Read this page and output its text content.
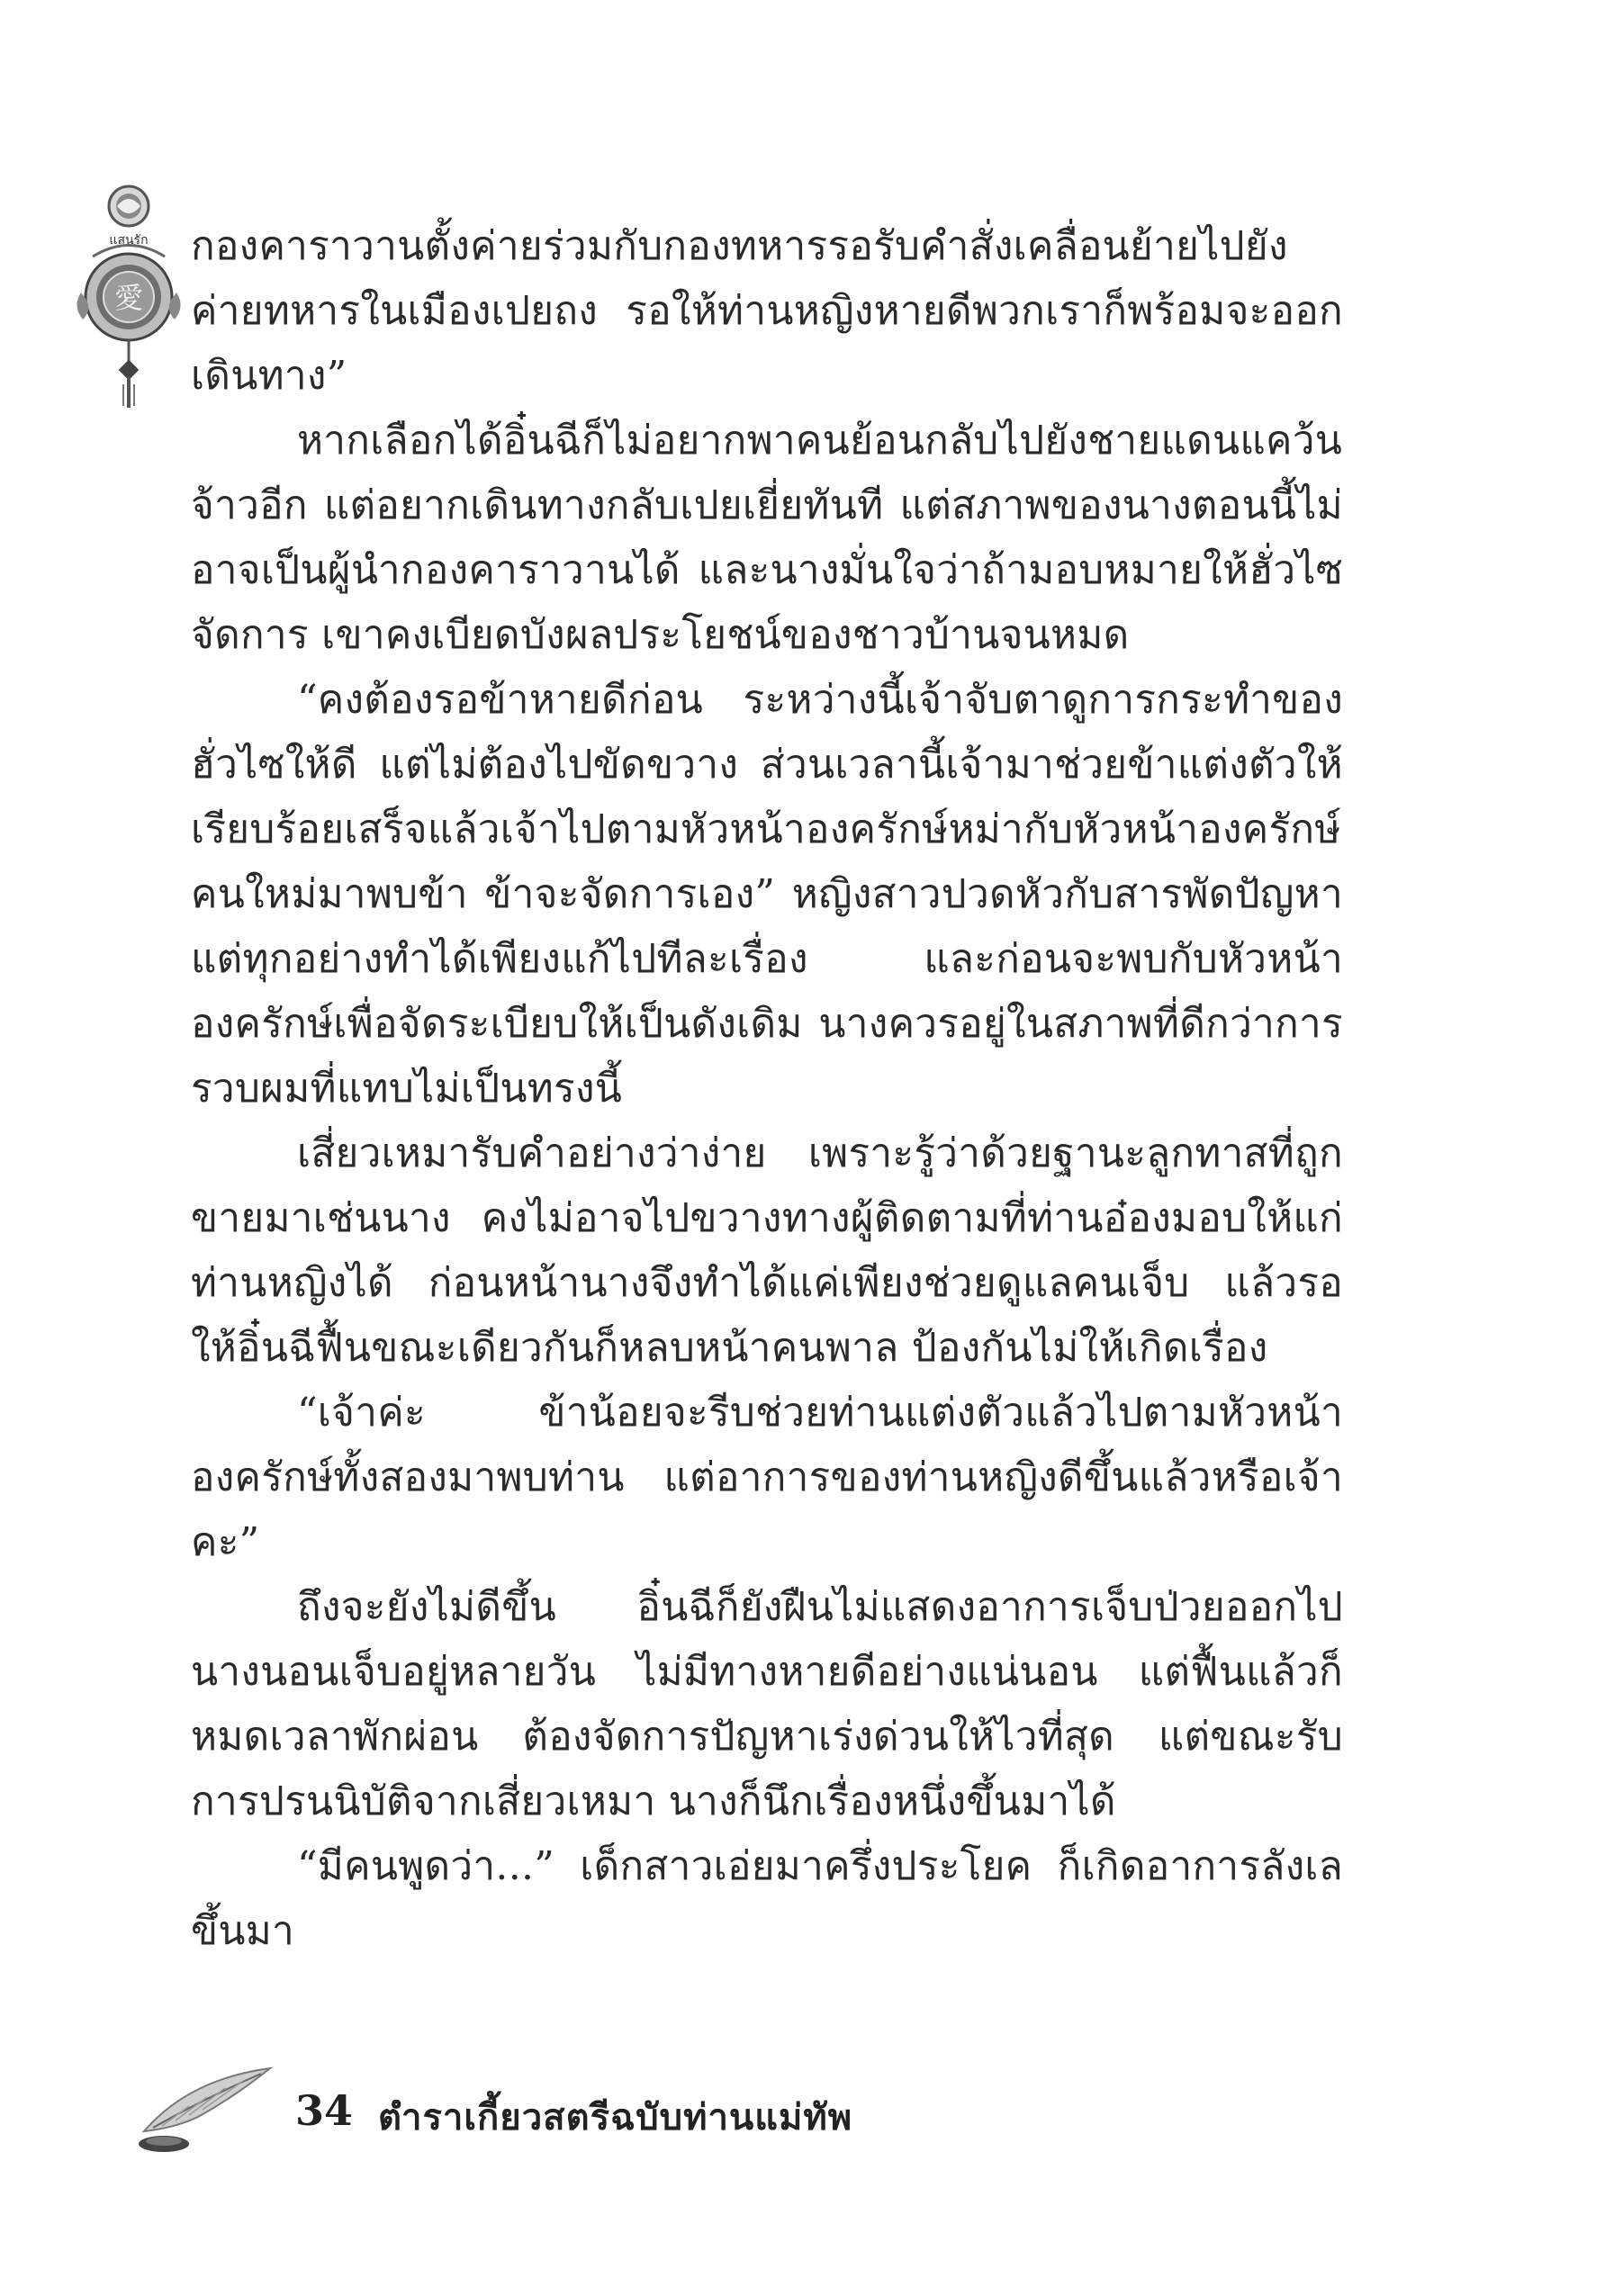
แสนรัก
愛

กองคาราวานตั้งค่ายร่วมกับกองทหารรอรับคำสั่งเคลื่อนย้ายไปยังค่ายทหารในเมืองเปยถง รอให้ท่านหญิงหายดีพวกเราก็พร้อมจะออกเดินทาง”

หากเลือกได้อิ๋นฉีก็ไม่อยากพาคนย้อนกลับไปยังชายแดนแคว้นจ้าวอีก แต่อยากเดินทางกลับเปยเยี่ยทันที แต่สภาพของนางตอนนี้ไม่อาจเป็นผู้นำกองคาราวานได้ และนางมั่นใจว่าถ้ามอบหมายให้ฮั่วไซจัดการ เขาคงเบียดบังผลประโยชน์ของชาวบ้านจนหมด

“คงต้องรอข้าหายดีก่อน ระหว่างนี้เจ้าจับตาดูการกระทำของฮั่วไซให้ดี แต่ไม่ต้องไปขัดขวาง ส่วนเวลานี้เจ้ามาช่วยข้าแต่งตัวให้เรียบร้อยเสร็จแล้วเจ้าไปตามหัวหน้าองครักษ์หม่ากับหัวหน้าองครักษ์คนใหม่มาพบข้า ข้าจะจัดการเอง” หญิงสาวปวดหัวกับสารพัดปัญหา แต่ทุกอย่างทำได้เพียงแก้ไปทีละเรื่อง และก่อนจะพบกับหัวหน้าองครักษ์เพื่อจัดระเบียบให้เป็นดังเดิม นางควรอยู่ในสภาพที่ดีกว่าการรวบผมที่แทบไม่เป็นทรงนี้

เสี่ยวเหมารับคำอย่างว่าง่าย เพราะรู้ว่าด้วยฐานะลูกทาสที่ถูกขายมาเช่นนาง คงไม่อาจไปขวางทางผู้ติดตามที่ท่านอ๋องมอบให้แก่ท่านหญิงได้ ก่อนหน้านางจึงทำได้แค่เพียงช่วยดูแลคนเจ็บ แล้วรอให้อิ๋นฉีฟื้นขณะเดียวกันก็หลบหน้าคนพาล ป้องกันไม่ให้เกิดเรื่อง

“เจ้าค่ะ ข้าน้อยจะรีบช่วยท่านแต่งตัวแล้วไปตามหัวหน้าองครักษ์ทั้งสองมาพบท่าน แต่อาการของท่านหญิงดีขึ้นแล้วหรือเจ้าคะ”

ถึงจะยังไม่ดีขึ้น อิ๋นฉีก็ยังฝืนไม่แสดงอาการเจ็บป่วยออกไปนางนอนเจ็บอยู่หลายวัน ไม่มีทางหายดีอย่างแน่นอน แต่ฟื้นแล้วก็หมดเวลาพักผ่อน ต้องจัดการปัญหาเร่งด่วนให้ไวที่สุด แต่ขณะรับการปรนนิบัติจากเสี่ยวเหมา นางก็นึกเรื่องหนึ่งขึ้นมาได้

“มีคนพูดว่า...” เด็กสาวเอ่ยมาครึ่งประโยค ก็เกิดอาการลังเลขึ้นมา

34 ตำราเกี้ยวสตรีฉบับท่านแม่ทัพ
